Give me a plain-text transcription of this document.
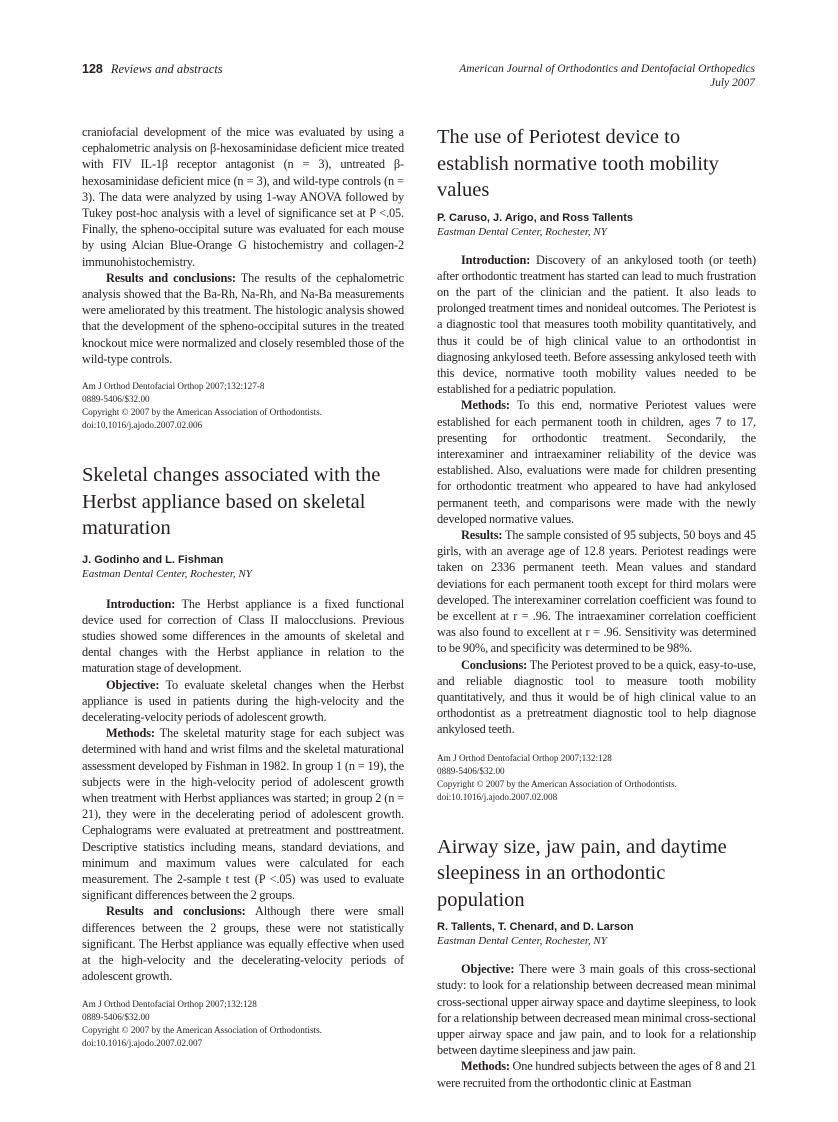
128 Reviews and abstracts	American Journal of Orthodontics and Dentofacial Orthopedics
July 2007

craniofacial development of the mice was evaluated by using a cephalometric analysis on β-hexosaminidase deficient mice treated with FIV IL-1β receptor antagonist (n = 3), untreated β-hexosaminidase deficient mice (n = 3), and wild-type controls (n = 3). The data were analyzed by using 1-way ANOVA followed by Tukey post-hoc analysis with a level of significance set at P <.05. Finally, the spheno-occipital suture was evaluated for each mouse by using Alcian Blue-Orange G histochemistry and collagen-2 immunohistochemistry.

Results and conclusions: The results of the cephalometric analysis showed that the Ba-Rh, Na-Rh, and Na-Ba measurements were ameliorated by this treatment. The histologic analysis showed that the development of the spheno-occipital sutures in the treated knockout mice were normalized and closely resembled those of the wild-type controls.

Am J Orthod Dentofacial Orthop 2007;132:127-8

0889-5406/$32.00

Copyright © 2007 by the American Association of Orthodontists.

doi:10.1016/j.ajodo.2007.02.006

Skeletal changes associated with the Herbst appliance based on skeletal maturation

J. Godinho and L. Fishman

Eastman Dental Center, Rochester, NY

Introduction: The Herbst appliance is a fixed functional device used for correction of Class II malocclusions. Previous studies showed some differences in the amounts of skeletal and dental changes with the Herbst appliance in relation to the maturation stage of development.

Objective: To evaluate skeletal changes when the Herbst appliance is used in patients during the high-velocity and the decelerating-velocity periods of adolescent growth.

Methods: The skeletal maturity stage for each subject was determined with hand and wrist films and the skeletal maturational assessment developed by Fishman in 1982. In group 1 (n = 19), the subjects were in the high-velocity period of adolescent growth when treatment with Herbst appliances was started; in group 2 (n = 21), they were in the decelerating period of adolescent growth. Cephalograms were evaluated at pretreatment and posttreatment. Descriptive statistics including means, standard deviations, and minimum and maximum values were calculated for each measurement. The 2-sample t test (P <.05) was used to evaluate significant differences between the 2 groups.

Results and conclusions: Although there were small differences between the 2 groups, these were not statistically significant. The Herbst appliance was equally effective when used at the high-velocity and the decelerating-velocity periods of adolescent growth.

Am J Orthod Dentofacial Orthop 2007;132:128

0889-5406/$32.00

Copyright © 2007 by the American Association of Orthodontists.

doi:10.1016/j.ajodo.2007.02.007

The use of Periotest device to establish normative tooth mobility values

P. Caruso, J. Arigo, and Ross Tallents

Eastman Dental Center, Rochester, NY

Introduction: Discovery of an ankylosed tooth (or teeth) after orthodontic treatment has started can lead to much frustration on the part of the clinician and the patient. It also leads to prolonged treatment times and nonideal outcomes. The Periotest is a diagnostic tool that measures tooth mobility quantitatively, and thus it could be of high clinical value to an orthodontist in diagnosing ankylosed teeth. Before assessing ankylosed teeth with this device, normative tooth mobility values needed to be established for a pediatric population.

Methods: To this end, normative Periotest values were established for each permanent tooth in children, ages 7 to 17, presenting for orthodontic treatment. Secondarily, the interexaminer and intraexaminer reliability of the device was established. Also, evaluations were made for children presenting for orthodontic treatment who appeared to have had ankylosed permanent teeth, and comparisons were made with the newly developed normative values.

Results: The sample consisted of 95 subjects, 50 boys and 45 girls, with an average age of 12.8 years. Periotest readings were taken on 2336 permanent teeth. Mean values and standard deviations for each permanent tooth except for third molars were developed. The interexaminer correlation coefficient was found to be excellent at r = .96. The intraexaminer correlation coefficient was also found to excellent at r = .96. Sensitivity was determined to be 90%, and specificity was determined to be 98%.

Conclusions: The Periotest proved to be a quick, easy-to-use, and reliable diagnostic tool to measure tooth mobility quantitatively, and thus it would be of high clinical value to an orthodontist as a pretreatment diagnostic tool to help diagnose ankylosed teeth.

Am J Orthod Dentofacial Orthop 2007;132:128

0889-5406/$32.00

Copyright © 2007 by the American Association of Orthodontists.

doi:10.1016/j.ajodo.2007.02.008

Airway size, jaw pain, and daytime sleepiness in an orthodontic population

R. Tallents, T. Chenard, and D. Larson

Eastman Dental Center, Rochester, NY

Objective: There were 3 main goals of this cross-sectional study: to look for a relationship between decreased mean minimal cross-sectional upper airway space and daytime sleepiness, to look for a relationship between decreased mean minimal cross-sectional upper airway space and jaw pain, and to look for a relationship between daytime sleepiness and jaw pain.

Methods: One hundred subjects between the ages of 8 and 21 were recruited from the orthodontic clinic at Eastman
